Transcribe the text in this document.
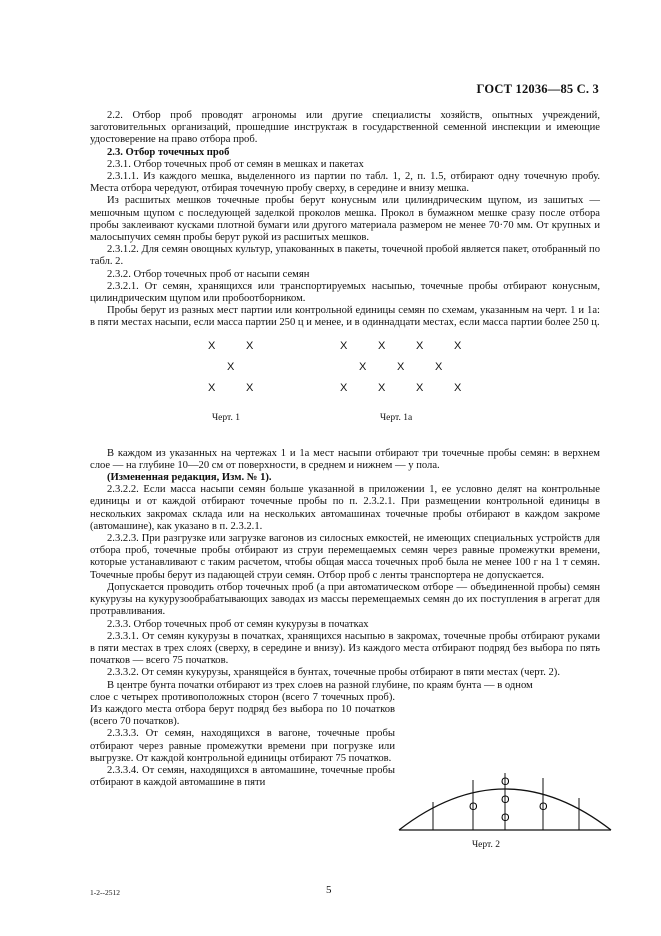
ГОСТ 12036—85 С. 3

2.2. Отбор проб проводят агрономы или другие специалисты хозяйств, опытных учреждений, заготовительных организаций, прошедшие инструктаж в государственной семенной инспекции и имеющие удостоверение на право отбора проб.

2.3. Отбор точечных проб

2.3.1. Отбор точечных проб от семян в мешках и пакетах

2.3.1.1. Из каждого мешка, выделенного из партии по табл. 1, 2, п. 1.5, отбирают одну точечную пробу. Места отбора чередуют, отбирая точечную пробу сверху, в середине и внизу мешка.

Из расшитых мешков точечные пробы берут конусным или цилиндрическим щупом, из зашитых — мешочным щупом с последующей заделкой проколов мешка. Прокол в бумажном мешке сразу после отбора пробы заклеивают кусками плотной бумаги или другого материала размером не менее 70·70 мм. От крупных и малосыпучих семян пробы берут рукой из расшитых мешков.

2.3.1.2. Для семян овощных культур, упакованных в пакеты, точечной пробой является пакет, отобранный по табл. 2.

2.3.2. Отбор точечных проб от насыпи семян

2.3.2.1. От семян, хранящихся или транспортируемых насыпью, точечные пробы отбирают конусным, цилиндрическим щупом или пробоотборником.

Пробы берут из разных мест партии или контрольной единицы семян по схемам, указанным на черт. 1 и 1а: в пяти местах насыпи, если масса партии 250 ц и менее, и в одиннадцати местах, если масса партии более 250 ц.

X	X
X
X	X
Черт. 1
X	X	X	X
X	X	X
X	X	X	X
Черт. 1а

В каждом из указанных на чертежах 1 и 1а мест насыпи отбирают три точечные пробы семян: в верхнем слое — на глубине 10—20 см от поверхности, в среднем и нижнем — у пола.

(Измененная редакция, Изм. № 1).

2.3.2.2. Если масса насыпи семян больше указанной в приложении 1, ее условно делят на контрольные единицы и от каждой отбирают точечные пробы по п. 2.3.2.1. При размещении контрольной единицы в нескольких закромах склада или на нескольких автомашинах точечные пробы отбирают в каждом закроме (автомашине), как указано в п. 2.3.2.1.

2.3.2.3. При разгрузке или загрузке вагонов из силосных емкостей, не имеющих специальных устройств для отбора проб, точечные пробы отбирают из струи перемещаемых семян через равные промежутки времени, которые устанавливают с таким расчетом, чтобы общая масса точечных проб была не менее 100 г на 1 т семян. Точечные пробы берут из падающей струи семян. Отбор проб с ленты транспортера не допускается.

Допускается проводить отбор точечных проб (а при автоматическом отборе — объединенной пробы) семян кукурузы на кукурузообрабатывающих заводах из массы перемещаемых семян до их поступления в агрегат для протравливания.

2.3.3. Отбор точечных проб от семян кукурузы в початках

2.3.3.1. От семян кукурузы в початках, хранящихся насыпью в закромах, точечные пробы отбирают руками в пяти местах в трех слоях (сверху, в середине и внизу). Из каждого места отбирают подряд без выбора по пять початков — всего 75 початков.

2.3.3.2. От семян кукурузы, хранящейся в бунтах, точечные пробы отбирают в пяти местах (черт. 2).

В центре бунта початки отбирают из трех слоев на разной глубине, по краям бунта — в одном

слое с четырех противоположных сторон (всего 7 точечных проб). Из каждого места отбора берут подряд без выбора по 10 початков (всего 70 початков).

2.3.3.3. От семян, находящихся в вагоне, точечные пробы отбирают через равные промежутки времени при погрузке или выгрузке. От каждой контрольной единицы отбирают 75 початков.

2.3.3.4. От семян, находящихся в автомашине, точечные пробы отбирают в каждой автомашине в пяти

O
O
O
O
O
Черт. 2
1-2--2512	5
